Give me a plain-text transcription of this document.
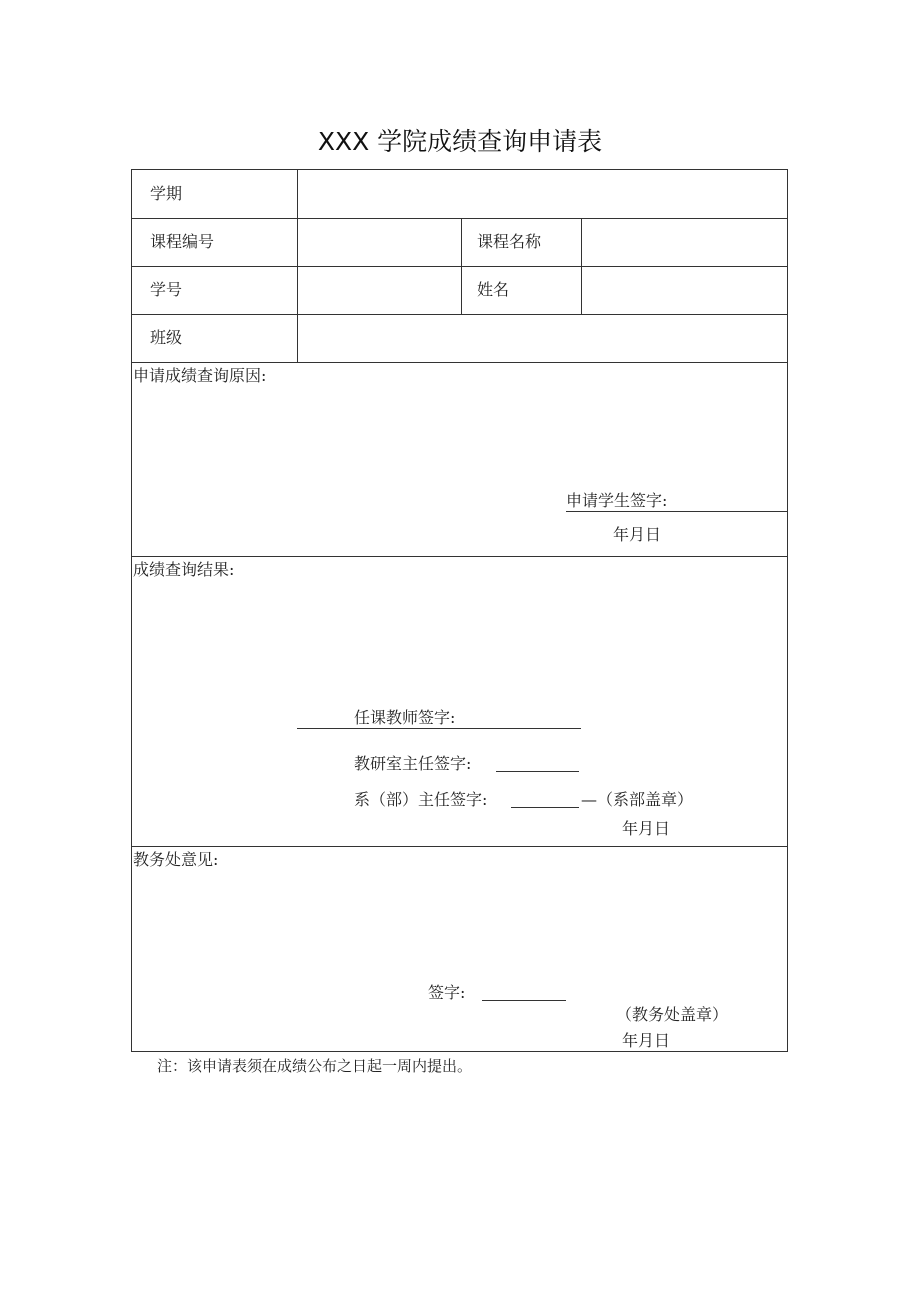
XXX 学院成绩查询申请表
学期
课程编号	课程名称
学号	姓名
班级
申请成绩查询原因:
申请学生签字:
年月日
成绩查询结果:
任课教师签字:
教研室主任签字:
系（部）主任签字:	—（系部盖章）
年月日
教务处意见:
签字:
（教务处盖章）
年月日
注：该申请表须在成绩公布之日起一周内提出。
